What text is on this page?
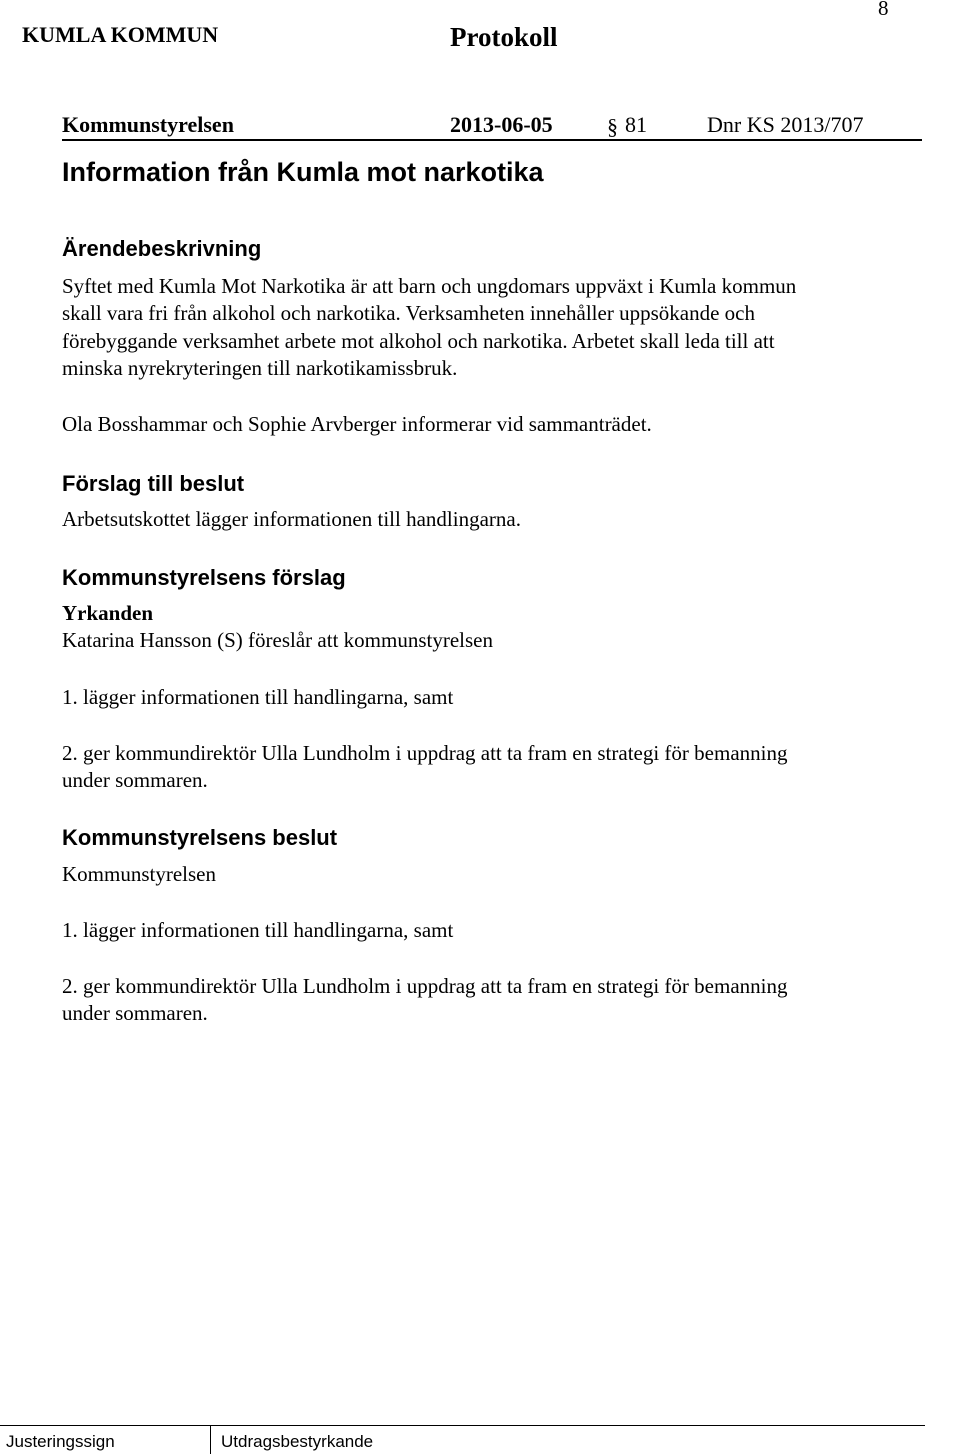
8
KUMLA KOMMUN	Protokoll
Kommunstyrelsen	2013-06-05 § 81	Dnr KS 2013/707
Information från Kumla mot narkotika
Ärendebeskrivning
Syftet med Kumla Mot Narkotika är att barn och ungdomars uppväxt i Kumla kommun
skall vara fri från alkohol och narkotika. Verksamheten innehåller uppsökande och
förebyggande verksamhet arbete mot alkohol och narkotika. Arbetet skall leda till att
minska nyrekryteringen till narkotikamissbruk.
Ola Bosshammar och Sophie Arvberger informerar vid sammanträdet.
Förslag till beslut
Arbetsutskottet lägger informationen till handlingarna.
Kommunstyrelsens förslag
Yrkanden
Katarina Hansson (S) föreslår att kommunstyrelsen
1. lägger informationen till handlingarna, samt
2. ger kommundirektör Ulla Lundholm i uppdrag att ta fram en strategi för bemanning
under sommaren.
Kommunstyrelsens beslut
Kommunstyrelsen
1. lägger informationen till handlingarna, samt
2. ger kommundirektör Ulla Lundholm i uppdrag att ta fram en strategi för bemanning
under sommaren.
Justeringssign	Utdragsbestyrkande
